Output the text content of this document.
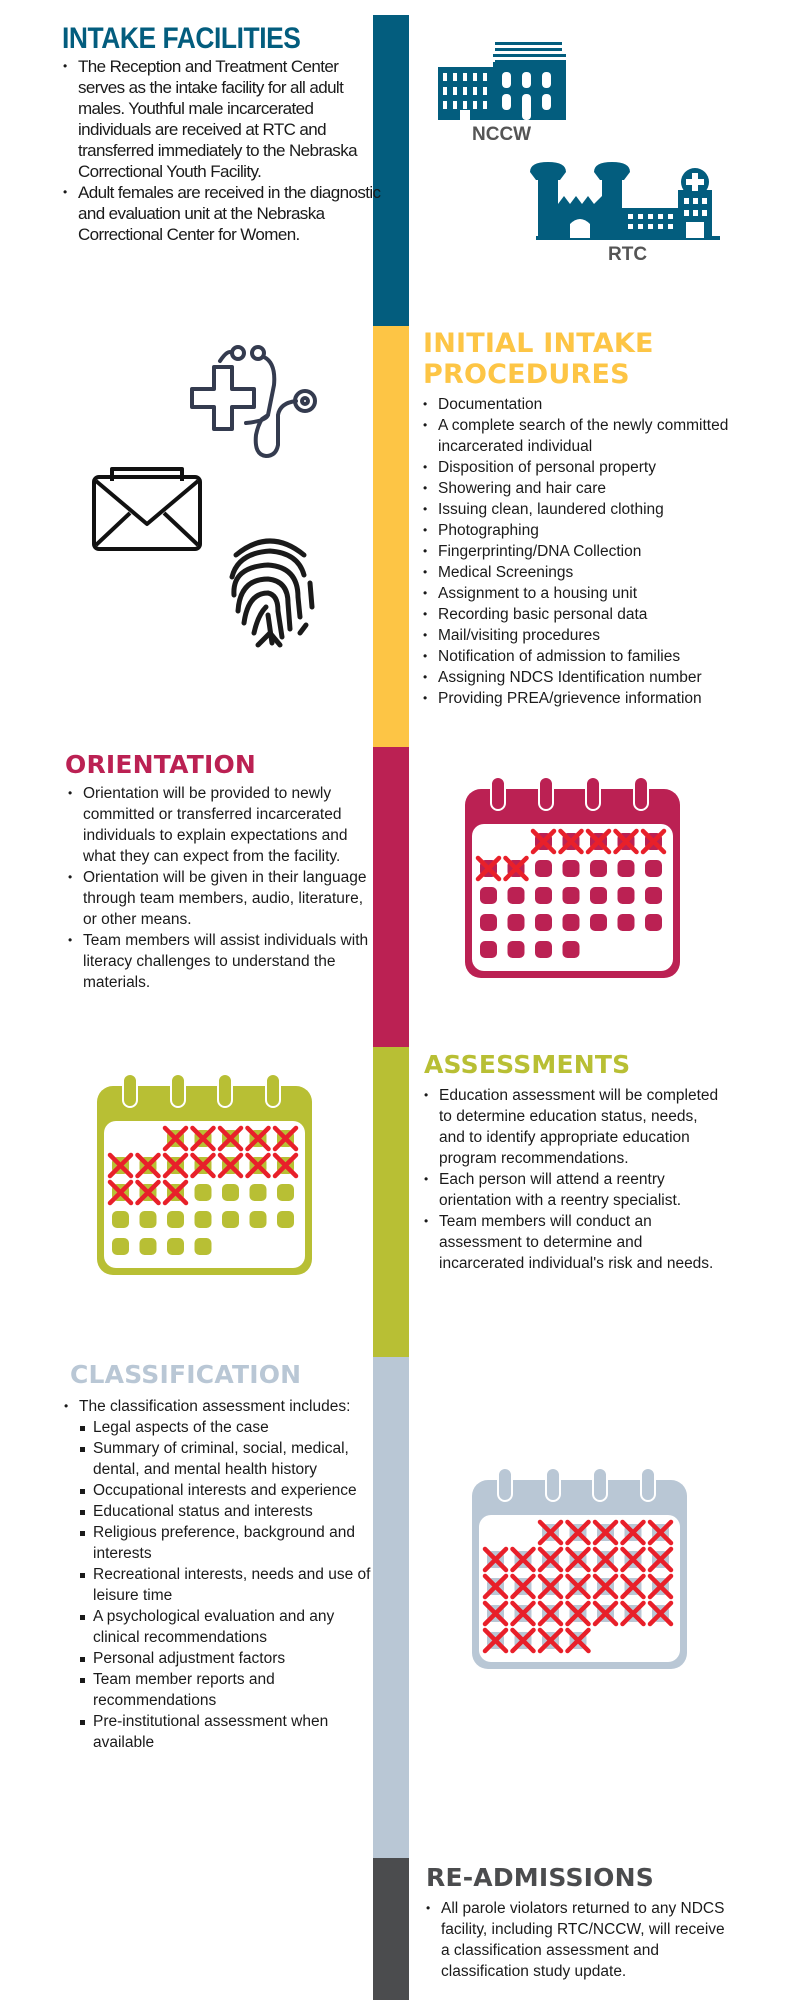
INTAKE FACILITIES
• The Reception and Treatment Center serves as the intake facility for all adult males. Youthful male incarcerated individuals are received at RTC and transferred immediately to the Nebraska Correctional Youth Facility.
• Adult females are received in the diagnostic and evaluation unit at the Nebraska Correctional Center for Women.
NCCW
RTC
INITIAL INTAKE
PROCEDURES
• Documentation
• A complete search of the newly committed incarcerated individual
• Disposition of personal property
• Showering and hair care
• Issuing clean, laundered clothing
• Photographing
• Fingerprinting/DNA Collection
• Medical Screenings
• Assignment to a housing unit
• Recording basic personal data
• Mail/visiting procedures
• Notification of admission to families
• Assigning NDCS Identification number
• Providing PREA/grievence information
ORIENTATION
• Orientation will be provided to newly committed or transferred incarcerated individuals to explain expectations and what they can expect from the facility.
• Orientation will be given in their language through team members, audio, literature, or other means.
• Team members will assist individuals with literacy challenges to understand the materials.
ASSESSMENTS
• Education assessment will be completed to determine education status, needs, and to identify appropriate education program recommendations.
• Each person will attend a reentry orientation with a reentry specialist.
• Team members will conduct an assessment to determine and incarcerated individual's risk and needs.
CLASSIFICATION
• The classification assessment includes:
Legal aspects of the case
Summary of criminal, social, medical, dental, and mental health history
Occupational interests and experience
Educational status and interests
Religious preference, background and interests
Recreational interests, needs and use of leisure time
A psychological evaluation and any clinical recommendations
Personal adjustment factors
Team member reports and recommendations
Pre-institutional assessment when available
RE-ADMISSIONS
• All parole violators returned to any NDCS facility, including RTC/NCCW, will receive a classification assessment and classification study update.
